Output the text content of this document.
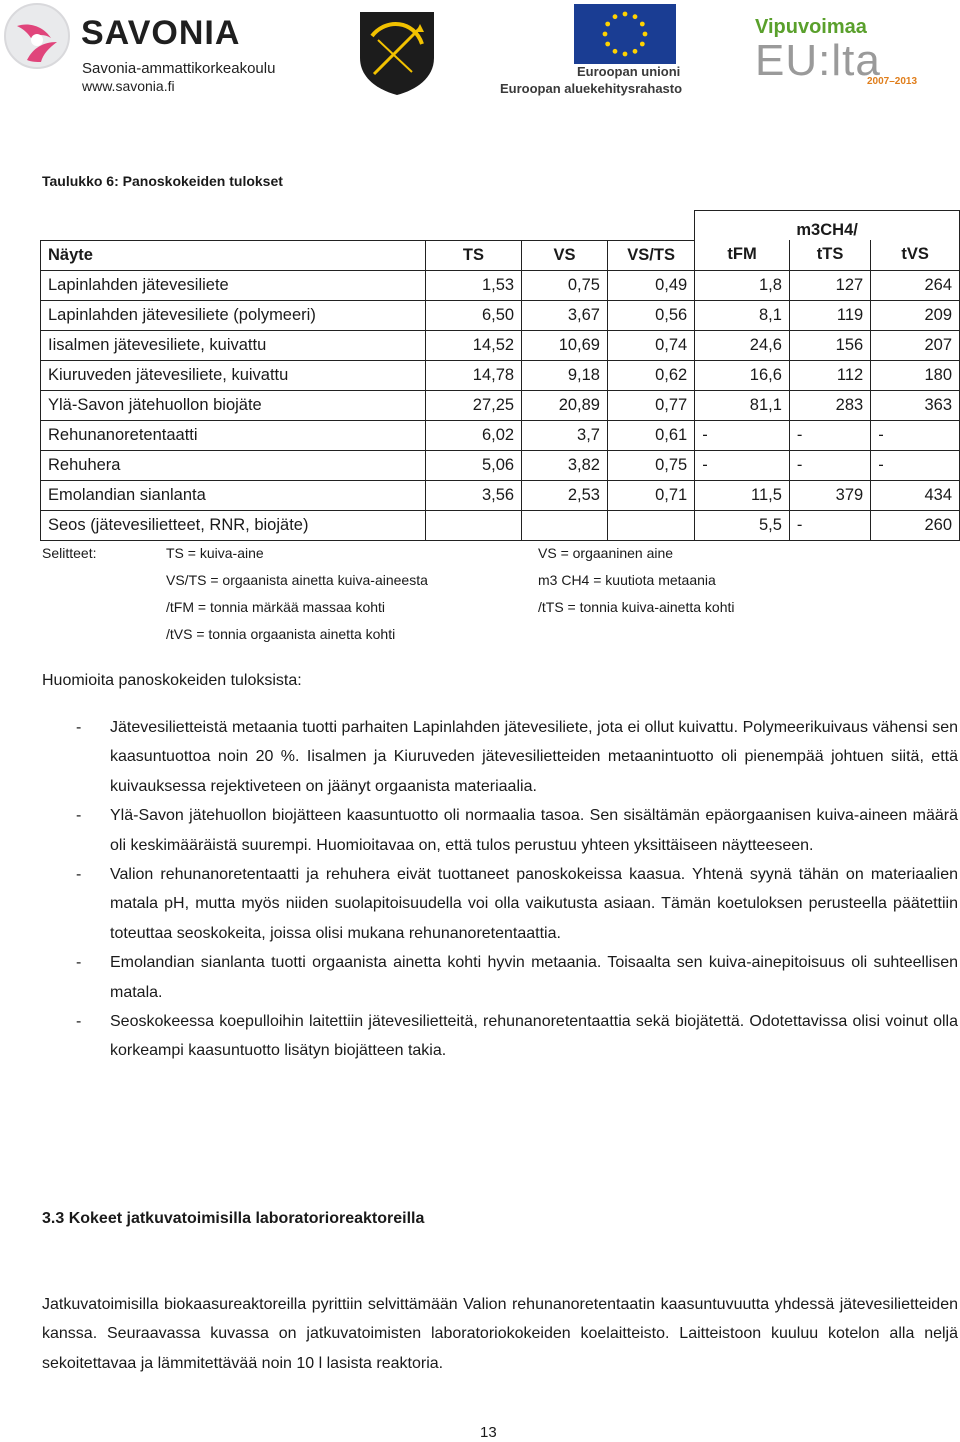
SAVONIA
Savonia-ammattikorkeakoulu
www.savonia.fi
Euroopan unioni
Euroopan aluekehitysrahasto
Vipuvoimaa
EU:lta
2007–2013
Taulukko 6: Panoskokeiden tulokset
				m3CH4/		
Näyte	TS	VS	VS/TS	tFM	tTS	tVS
Lapinlahden jätevesiliete	1,53	0,75	0,49	1,8	127	264
Lapinlahden jätevesiliete (polymeeri)	6,50	3,67	0,56	8,1	119	209
Iisalmen jätevesiliete, kuivattu	14,52	10,69	0,74	24,6	156	207
Kiuruveden jätevesiliete, kuivattu	14,78	9,18	0,62	16,6	112	180
Ylä-Savon jätehuollon biojäte	27,25	20,89	0,77	81,1	283	363
Rehunanoretentaatti	6,02	3,7	0,61	-	-	-
Rehuhera	5,06	3,82	0,75	-	-	-
Emolandian sianlanta	3,56	2,53	0,71	11,5	379	434
Seos (jätevesilietteet, RNR, biojäte)				5,5	-	260
Selitteet:	TS = kuiva-aine	VS = orgaaninen aine
VS/TS = orgaanista ainetta kuiva-aineesta	m3 CH4 = kuutiota metaania
/tFM = tonnia märkää massaa kohti	/tTS = tonnia kuiva-ainetta kohti
/tVS = tonnia orgaanista ainetta kohti
Huomioita panoskokeiden tuloksista:
- Jätevesilietteistä metaania tuotti parhaiten Lapinlahden jätevesiliete, jota ei ollut kuivattu. Polymeerikuivaus vähensi sen kaasuntuottoa noin 20 %. Iisalmen ja Kiuruveden jätevesilietteiden metaanintuotto oli pienempää johtuen siitä, että kuivauksessa rejektiveteen on jäänyt orgaanista materiaalia.
- Ylä-Savon jätehuollon biojätteen kaasuntuotto oli normaalia tasoa. Sen sisältämän epäorgaanisen kuiva-aineen määrä oli keskimääräistä suurempi. Huomioitavaa on, että tulos perustuu yhteen yksittäiseen näytteeseen.
- Valion rehunanoretentaatti ja rehuhera eivät tuottaneet panoskokeissa kaasua. Yhtenä syynä tähän on materiaalien matala pH, mutta myös niiden suolapitoisuudella voi olla vaikutusta asiaan. Tämän koetuloksen perusteella päätettiin toteuttaa seoskokeita, joissa olisi mukana rehunanoretentaattia.
- Emolandian sianlanta tuotti orgaanista ainetta kohti hyvin metaania. Toisaalta sen kuiva-ainepitoisuus oli suhteellisen matala.
- Seoskokeessa koepulloihin laitettiin jätevesilietteitä, rehunanoretentaattia sekä biojätettä. Odotettavissa olisi voinut olla korkeampi kaasuntuotto lisätyn biojätteen takia.
3.3 Kokeet jatkuvatoimisilla laboratorioreaktoreilla
Jatkuvatoimisilla biokaasureaktoreilla pyrittiin selvittämään Valion rehunanoretentaatin kaasuntuvuutta yhdessä jätevesilietteiden kanssa. Seuraavassa kuvassa on jatkuvatoimisten laboratoriokokeiden koelaitteisto. Laitteistoon kuuluu kotelon alla neljä sekoitettavaa ja lämmitettävää noin 10 l lasista reaktoria.
13
